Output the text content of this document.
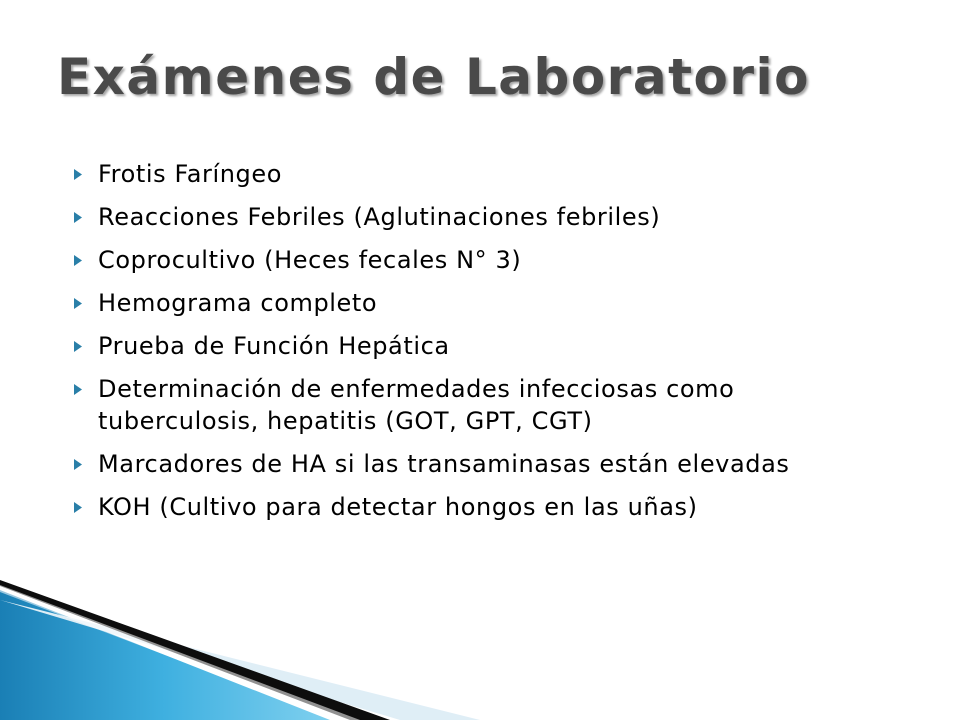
Exámenes de Laboratorio
Frotis Faríngeo
Reacciones Febriles (Aglutinaciones febriles)
Coprocultivo (Heces fecales N° 3)
Hemograma completo
Prueba de Función Hepática
Determinación de enfermedades infecciosas como tuberculosis, hepatitis (GOT, GPT, CGT)
Marcadores de HA si las transaminasas están elevadas
KOH (Cultivo para detectar hongos en las uñas)
